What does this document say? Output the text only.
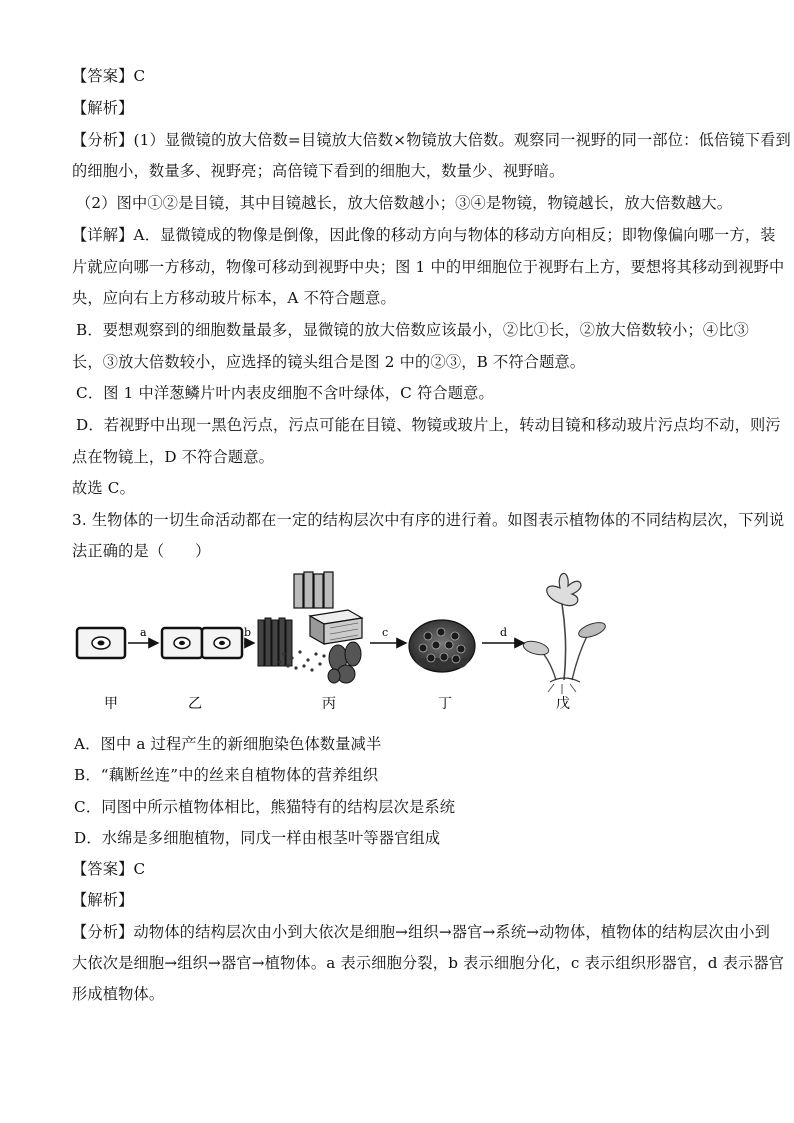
【答案】C
【解析】
【分析】(1）显微镜的放大倍数=目镜放大倍数×物镜放大倍数。观察同一视野的同一部位：低倍镜下看到
的细胞小，数量多、视野亮；高倍镜下看到的细胞大，数量少、视野暗。
（2）图中①②是目镜，其中目镜越长，放大倍数越小；③④是物镜，物镜越长，放大倍数越大。
【详解】A．显微镜成的物像是倒像，因此像的移动方向与物体的移动方向相反；即物像偏向哪一方，装
片就应向哪一方移动，物像可移动到视野中央；图 1 中的甲细胞位于视野右上方，要想将其移动到视野中
央，应向右上方移动玻片标本，A 不符合题意。
B．要想观察到的细胞数量最多，显微镜的放大倍数应该最小，②比①长，②放大倍数较小；④比③
长，③放大倍数较小，应选择的镜头组合是图 2 中的②③，B 不符合题意。
C．图 1 中洋葱鳞片叶内表皮细胞不含叶绿体，C 符合题意。
D．若视野中出现一黑色污点，污点可能在目镜、物镜或玻片上，转动目镜和移动玻片污点均不动，则污
点在物镜上，D 不符合题意。
故选 C。
3. 生物体的一切生命活动都在一定的结构层次中有序的进行着。如图表示植物体的不同结构层次，下列说
法正确的是（　　）
a	b	c	d
甲	乙	丙	丁	戊
A．图中 a 过程产生的新细胞染色体数量减半
B．“藕断丝连”中的丝来自植物体的营养组织
C．同图中所示植物体相比，熊猫特有的结构层次是系统
D．水绵是多细胞植物，同戊一样由根茎叶等器官组成
【答案】C
【解析】
【分析】动物体的结构层次由小到大依次是细胞→组织→器官→系统→动物体，植物体的结构层次由小到
大依次是细胞→组织→器官→植物体。a 表示细胞分裂，b 表示细胞分化，c 表示组织形器官，d 表示器官
形成植物体。
